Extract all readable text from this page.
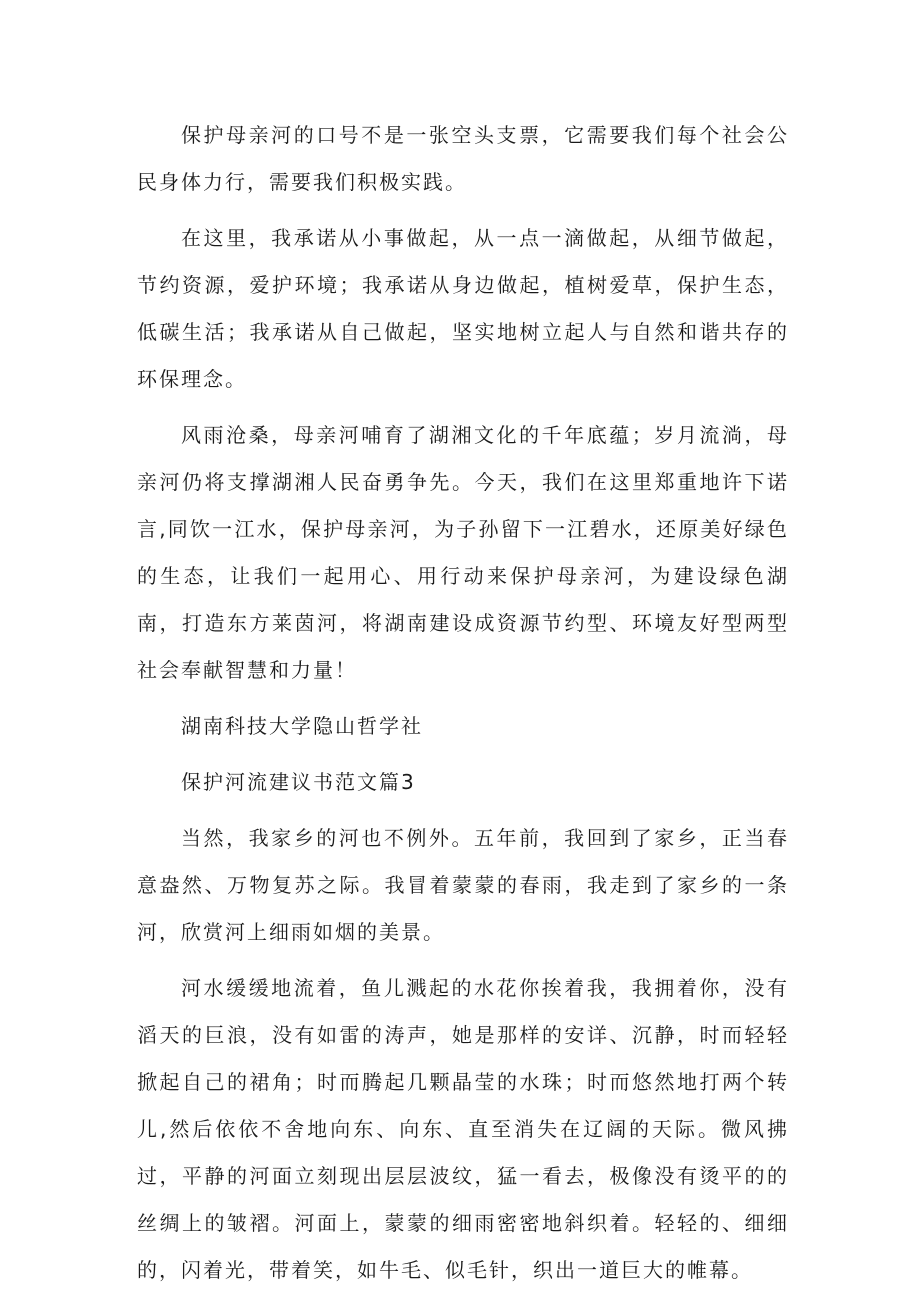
保护母亲河的口号不是一张空头支票，它需要我们每个社会公民身体力行，需要我们积极实践。

在这里，我承诺从小事做起，从一点一滴做起，从细节做起，节约资源，爱护环境；我承诺从身边做起，植树爱草，保护生态，低碳生活；我承诺从自己做起，坚实地树立起人与自然和谐共存的环保理念。

风雨沧桑，母亲河哺育了湖湘文化的千年底蕴；岁月流淌，母亲河仍将支撑湖湘人民奋勇争先。今天，我们在这里郑重地许下诺言,同饮一江水，保护母亲河，为子孙留下一江碧水，还原美好绿色的生态，让我们一起用心、用行动来保护母亲河，为建设绿色湖南，打造东方莱茵河，将湖南建设成资源节约型、环境友好型两型社会奉献智慧和力量！

湖南科技大学隐山哲学社

保护河流建议书范文篇3

当然，我家乡的河也不例外。五年前，我回到了家乡，正当春意盎然、万物复苏之际。我冒着蒙蒙的春雨，我走到了家乡的一条河，欣赏河上细雨如烟的美景。

河水缓缓地流着，鱼儿溅起的水花你挨着我，我拥着你，没有滔天的巨浪，没有如雷的涛声，她是那样的安详、沉静，时而轻轻掀起自己的裙角；时而腾起几颗晶莹的水珠；时而悠然地打两个转儿,然后依依不舍地向东、向东、直至消失在辽阔的天际。微风拂过，平静的河面立刻现出层层波纹，猛一看去，极像没有烫平的的丝绸上的皱褶。河面上，蒙蒙的细雨密密地斜织着。轻轻的、细细的，闪着光，带着笑，如牛毛、似毛针，织出一道巨大的帷幕。
